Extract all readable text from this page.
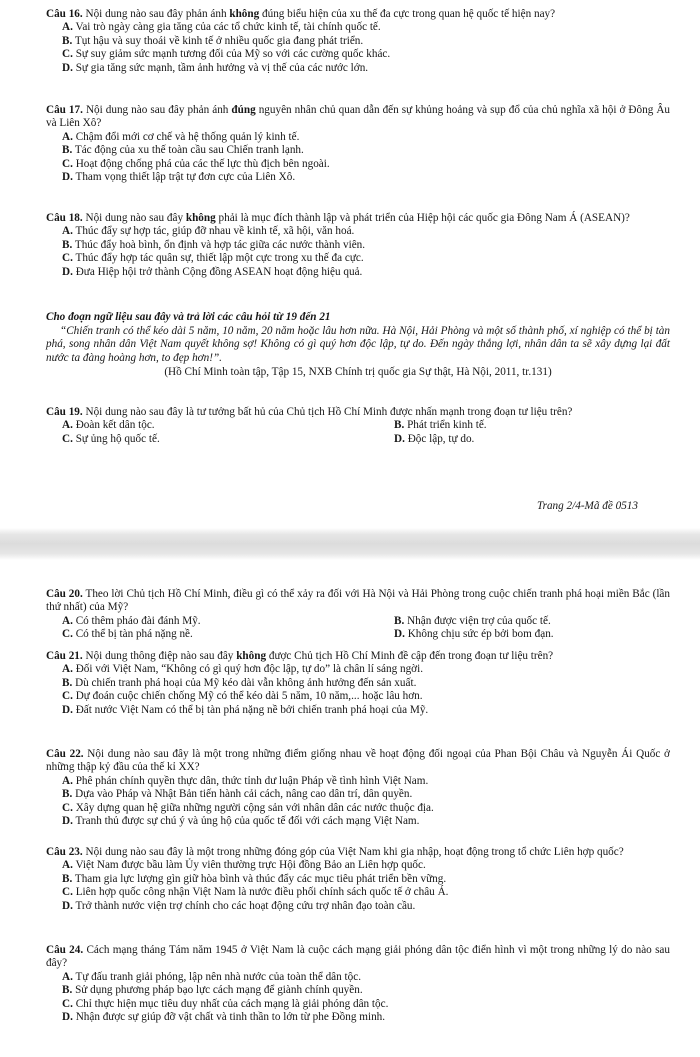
Câu 16. Nội dung nào sau đây phản ánh không đúng biểu hiện của xu thế đa cực trong quan hệ quốc tế hiện nay?

A. Vai trò ngày càng gia tăng của các tổ chức kinh tế, tài chính quốc tế.

B. Tụt hậu và suy thoái về kinh tế ở nhiều quốc gia đang phát triển.

C. Sự suy giảm sức mạnh tương đối của Mỹ so với các cường quốc khác.

D. Sự gia tăng sức mạnh, tầm ảnh hưởng và vị thế của các nước lớn.

Câu 17. Nội dung nào sau đây phản ánh đúng nguyên nhân chủ quan dẫn đến sự khủng hoảng và sụp đổ của chủ nghĩa xã hội ở Đông Âu và Liên Xô?

A. Chậm đổi mới cơ chế và hệ thống quản lý kinh tế.

B. Tác động của xu thế toàn cầu sau Chiến tranh lạnh.

C. Hoạt động chống phá của các thế lực thù địch bên ngoài.

D. Tham vọng thiết lập trật tự đơn cực của Liên Xô.

Câu 18. Nội dung nào sau đây không phải là mục đích thành lập và phát triển của Hiệp hội các quốc gia Đông Nam Á (ASEAN)?

A. Thúc đẩy sự hợp tác, giúp đỡ nhau về kinh tế, xã hội, văn hoá.

B. Thúc đẩy hoà bình, ổn định và hợp tác giữa các nước thành viên.

C. Thúc đẩy hợp tác quân sự, thiết lập một cực trong xu thế đa cực.

D. Đưa Hiệp hội trở thành Cộng đồng ASEAN hoạt động hiệu quả.

Cho đoạn ngữ liệu sau đây và trả lời các câu hỏi từ 19 đến 21

“Chiến tranh có thể kéo dài 5 năm, 10 năm, 20 năm hoặc lâu hơn nữa. Hà Nội, Hải Phòng và một số thành phố, xí nghiệp có thể bị tàn phá, song nhân dân Việt Nam quyết không sợ! Không có gì quý hơn độc lập, tự do. Đến ngày thắng lợi, nhân dân ta sẽ xây dựng lại đất nước ta đàng hoàng hơn, to đẹp hơn!”.

(Hồ Chí Minh toàn tập, Tập 15, NXB Chính trị quốc gia Sự thật, Hà Nội, 2011, tr.131)

Câu 19. Nội dung nào sau đây là tư tưởng bất hủ của Chủ tịch Hồ Chí Minh được nhấn mạnh trong đoạn tư liệu trên?

A. Đoàn kết dân tộc.	B. Phát triển kinh tế.

C. Sự ủng hộ quốc tế.	D. Độc lập, tự do.

Trang 2/4-Mã đề 0513

Câu 20. Theo lời Chủ tịch Hồ Chí Minh, điều gì có thể xảy ra đối với Hà Nội và Hải Phòng trong cuộc chiến tranh phá hoại miền Bắc (lần thứ nhất) của Mỹ?

A. Có thêm pháo đài đánh Mỹ.	B. Nhận được viện trợ của quốc tế.

C. Có thể bị tàn phá nặng nề.	D. Không chịu sức ép bởi bom đạn.

Câu 21. Nội dung thông điệp nào sau đây không được Chủ tịch Hồ Chí Minh đề cập đến trong đoạn tư liệu trên?

A. Đối với Việt Nam, “Không có gì quý hơn độc lập, tự do” là chân lí sáng ngời.

B. Dù chiến tranh phá hoại của Mỹ kéo dài vẫn không ảnh hưởng đến sản xuất.

C. Dự đoán cuộc chiến chống Mỹ có thể kéo dài 5 năm, 10 năm,... hoặc lâu hơn.

D. Đất nước Việt Nam có thể bị tàn phá nặng nề bởi chiến tranh phá hoại của Mỹ.

Câu 22. Nội dung nào sau đây là một trong những điểm giống nhau về hoạt động đối ngoại của Phan Bội Châu và Nguyễn Ái Quốc ở những thập kỷ đầu của thế kỉ XX?

A. Phê phán chính quyền thực dân, thức tỉnh dư luận Pháp về tình hình Việt Nam.

B. Dựa vào Pháp và Nhật Bản tiến hành cải cách, nâng cao dân trí, dân quyền.

C. Xây dựng quan hệ giữa những người cộng sản với nhân dân các nước thuộc địa.

D. Tranh thủ được sự chú ý và ủng hộ của quốc tế đối với cách mạng Việt Nam.

Câu 23. Nội dung nào sau đây là một trong những đóng góp của Việt Nam khi gia nhập, hoạt động trong tổ chức Liên hợp quốc?

A. Việt Nam được bầu làm Ủy viên thường trực Hội đồng Bảo an Liên hợp quốc.

B. Tham gia lực lượng gìn giữ hòa bình và thúc đẩy các mục tiêu phát triển bền vững.

C. Liên hợp quốc công nhận Việt Nam là nước điều phối chính sách quốc tế ở châu Á.

D. Trở thành nước viện trợ chính cho các hoạt động cứu trợ nhân đạo toàn cầu.

Câu 24. Cách mạng tháng Tám năm 1945 ở Việt Nam là cuộc cách mạng giải phóng dân tộc điển hình vì một trong những lý do nào sau đây?

A. Tự đấu tranh giải phóng, lập nên nhà nước của toàn thể dân tộc.

B. Sử dụng phương pháp bạo lực cách mạng để giành chính quyền.

C. Chỉ thực hiện mục tiêu duy nhất của cách mạng là giải phóng dân tộc.

D. Nhận được sự giúp đỡ vật chất và tinh thần to lớn từ phe Đồng minh.
